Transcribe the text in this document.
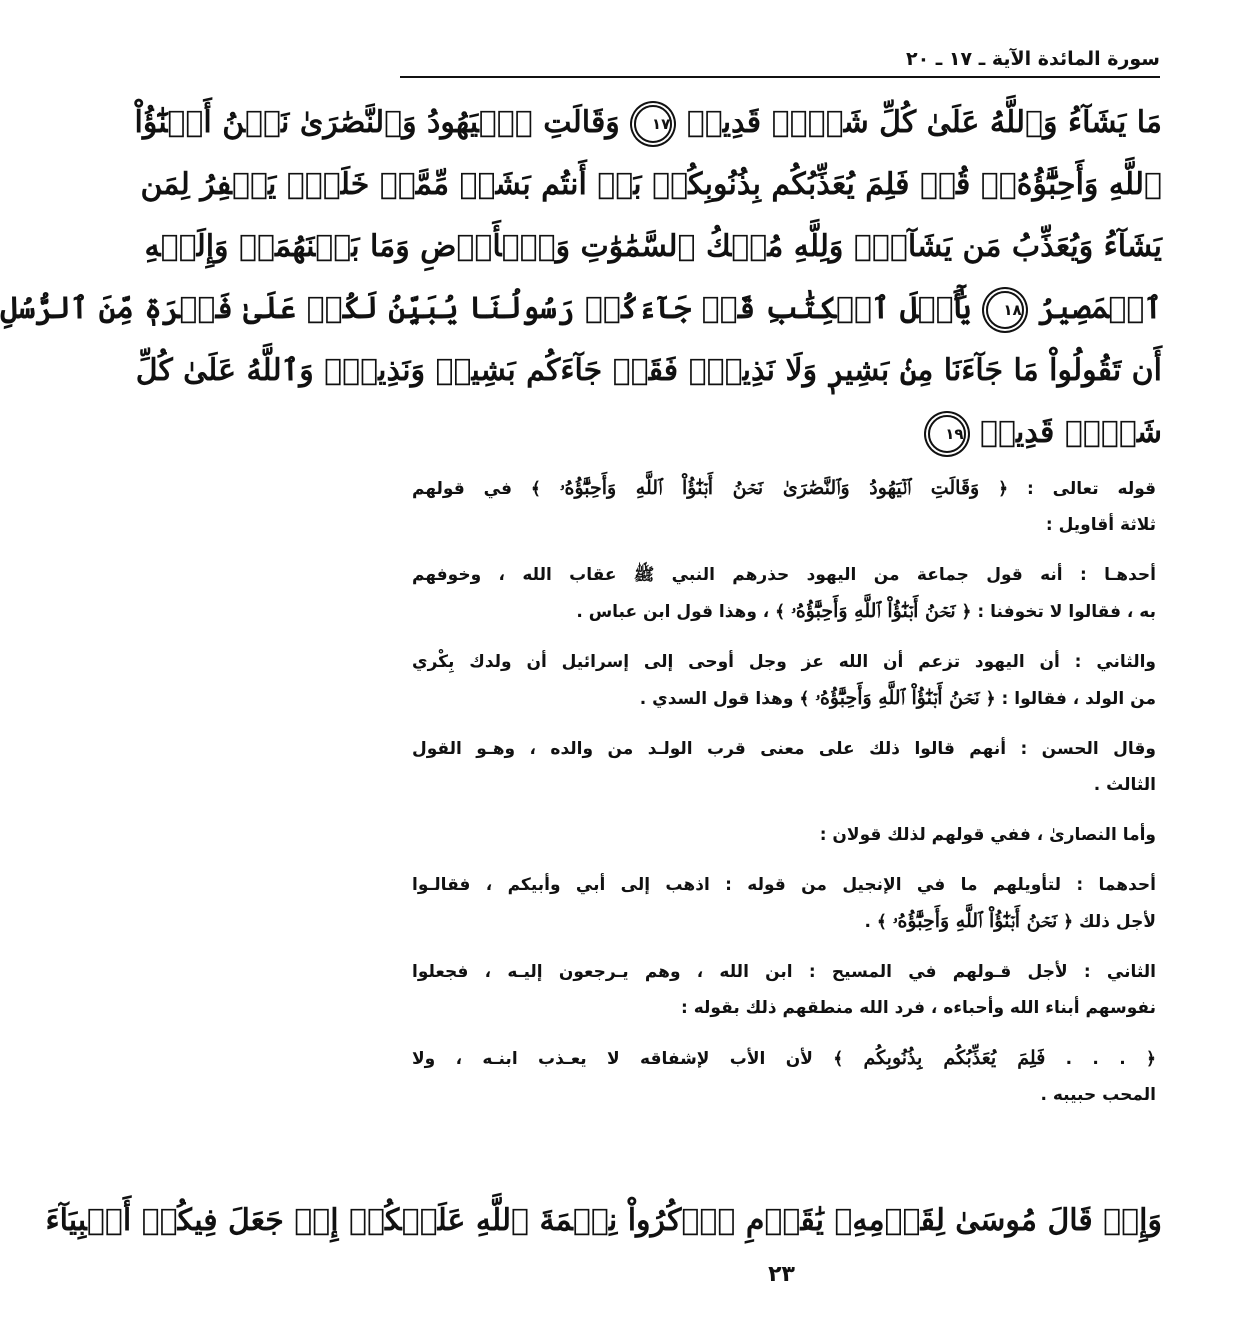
سورة المائدة الآية ـ ١٧ ـ ٢٠
مَا يَشَآءُ وَٱللَّهُ عَلَىٰ كُلِّ شَيۡءٖ قَدِيرٞ ١٧ وَقَالَتِ ٱلۡيَهُودُ وَٱلنَّصَٰرَىٰ نَحۡنُ أَبۡنَٰٓؤُاْ
ٱللَّهِ وَأَحِبَّٰٓؤُهُۥۚ قُلۡ فَلِمَ يُعَذِّبُكُم بِذُنُوبِكُمۖ بَلۡ أَنتُم بَشَرٞ مِّمَّنۡ خَلَقَۚ يَغۡفِرُ لِمَن
يَشَآءُ وَيُعَذِّبُ مَن يَشَآءُۚ وَلِلَّهِ مُلۡكُ ٱلسَّمَٰوَٰتِ وَٱلۡأَرۡضِ وَمَا بَيۡنَهُمَاۖ وَإِلَيۡهِ
ٱلۡمَصِيرُ ١٨ يَٰٓأَهۡلَ ٱلۡكِتَٰبِ قَدۡ جَآءَكُمۡ رَسُولُنَا يُبَيِّنُ لَكُمۡ عَلَىٰ فَتۡرَةٖ مِّنَ ٱلرُّسُلِ
أَن تَقُولُواْ مَا جَآءَنَا مِنۢ بَشِيرٖ وَلَا نَذِيرٖۖ فَقَدۡ جَآءَكُم بَشِيرٞ وَنَذِيرٞۗ وَٱللَّهُ عَلَىٰ كُلِّ
شَيۡءٖ قَدِيرٞ ١٩
قوله تعالى : ﴿ وَقَالَتِ ٱلۡيَهُودُ وَٱلنَّصَٰرَىٰ نَحۡنُ أَبۡنَٰٓؤُاْ ٱللَّهِ وَأَحِبَّٰٓؤُهُۥ ﴾ في قولهم
ثلاثة أقاويل :
أحدهـا : أنه قول جماعة من اليهود حذرهم النبي ﷺ عقاب الله ، وخوفهم
به ، فقالوا لا تخوفنا : ﴿ نَحۡنُ أَبۡنَٰٓؤُاْ ٱللَّهِ وَأَحِبَّٰٓؤُهُۥ ﴾ ، وهذا قول ابن عباس .
والثاني : أن اليهود تزعم أن الله عز وجل أوحى إلى إسرائيل أن ولدك بِكْري
من الولد ، فقالوا : ﴿ نَحۡنُ أَبۡنَٰٓؤُاْ ٱللَّهِ وَأَحِبَّٰٓؤُهُۥ ﴾ وهذا قول السدي .
وقال الحسن : أنهم قالوا ذلك على معنى قرب الولـد من والده ، وهـو القول
الثالث .
وأما النصارىٰ ، ففي قولهم لذلك قولان :
أحدهما : لتأويلهم ما في الإنجيل من قوله : اذهب إلى أبي وأبيكم ، فقالـوا
لأجل ذلك ﴿ نَحۡنُ أَبۡنَٰٓؤُاْ ٱللَّهِ وَأَحِبَّٰٓؤُهُۥ ﴾ .
الثاني : لأجل قـولهم في المسيح : ابن الله ، وهم يـرجعون إليـه ، فجعلوا
نفوسهم أبناء الله وأحباءه ، فرد الله منطقهم ذلك بقوله :
﴿ . . . فَلِمَ يُعَذِّبُكُم بِذُنُوبِكُم ﴾ لأن الأب لإشفاقه لا يعـذب ابنـه ، ولا
المحب حبيبه .
وَإِذۡ قَالَ مُوسَىٰ لِقَوۡمِهِۦ يَٰقَوۡمِ ٱذۡكُرُواْ نِعۡمَةَ ٱللَّهِ عَلَيۡكُمۡ إِذۡ جَعَلَ فِيكُمۡ أَنۢبِيَآءَ
٢٣
